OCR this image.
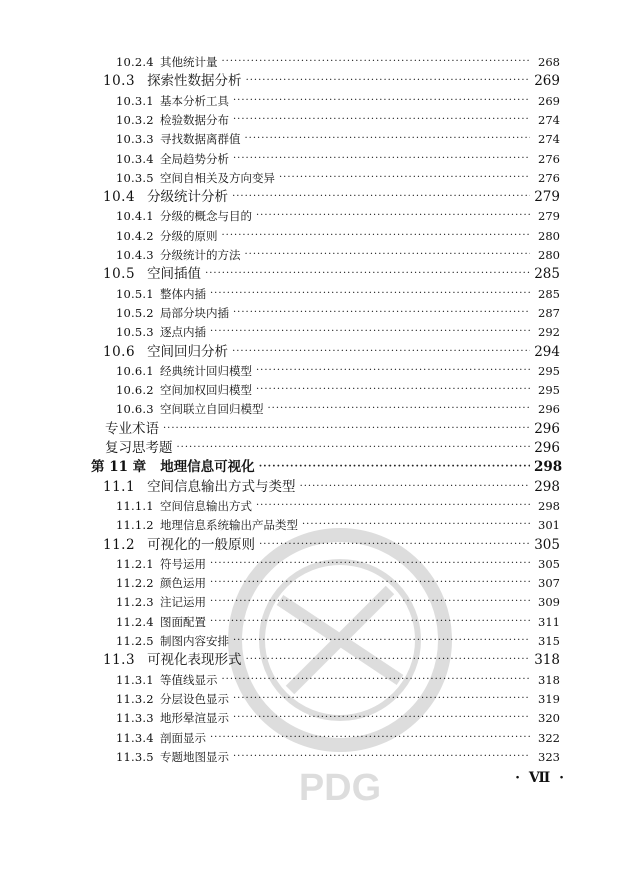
10.2.4 其他统计量 ·····	268
10.3 探索性数据分析 ·····	269
10.3.1 基本分析工具 ·····	269
10.3.2 检验数据分布 ·····	274
10.3.3 寻找数据离群值 ·····	274
10.3.4 全局趋势分析 ·····	276
10.3.5 空间自相关及方向变异 ·····	276
10.4 分级统计分析 ·····	279
10.4.1 分级的概念与目的 ·····	279
10.4.2 分级的原则 ·····	280
10.4.3 分级统计的方法 ·····	280
10.5 空间插值 ·····	285
10.5.1 整体内插 ·····	285
10.5.2 局部分块内插 ·····	287
10.5.3 逐点内插 ·····	292
10.6 空间回归分析 ·····	294
10.6.1 经典统计回归模型 ·····	295
10.6.2 空间加权回归模型 ·····	295
10.6.3 空间联立自回归模型 ·····	296
专业术语 ·····	296
复习思考题 ·····	296
第 11 章	地理信息可视化 ·····	298
11.1 空间信息输出方式与类型 ·····	298
11.1.1 空间信息输出方式 ·····	298
11.1.2 地理信息系统输出产品类型 ·····	301
11.2 可视化的一般原则 ·····	305
11.2.1 符号运用 ·····	305
11.2.2 颜色运用 ·····	307
11.2.3 注记运用 ·····	309
11.2.4 图面配置 ·····	311
11.2.5 制图内容安排 ·····	315
11.3 可视化表现形式 ·····	318
11.3.1 等值线显示 ·····	318
11.3.2 分层设色显示 ·····	319
11.3.3 地形晕渲显示 ·····	320
11.3.4 剖面显示 ·····	322
11.3.5 专题地图显示 ·····	323
PDG	· Ⅶ ·
